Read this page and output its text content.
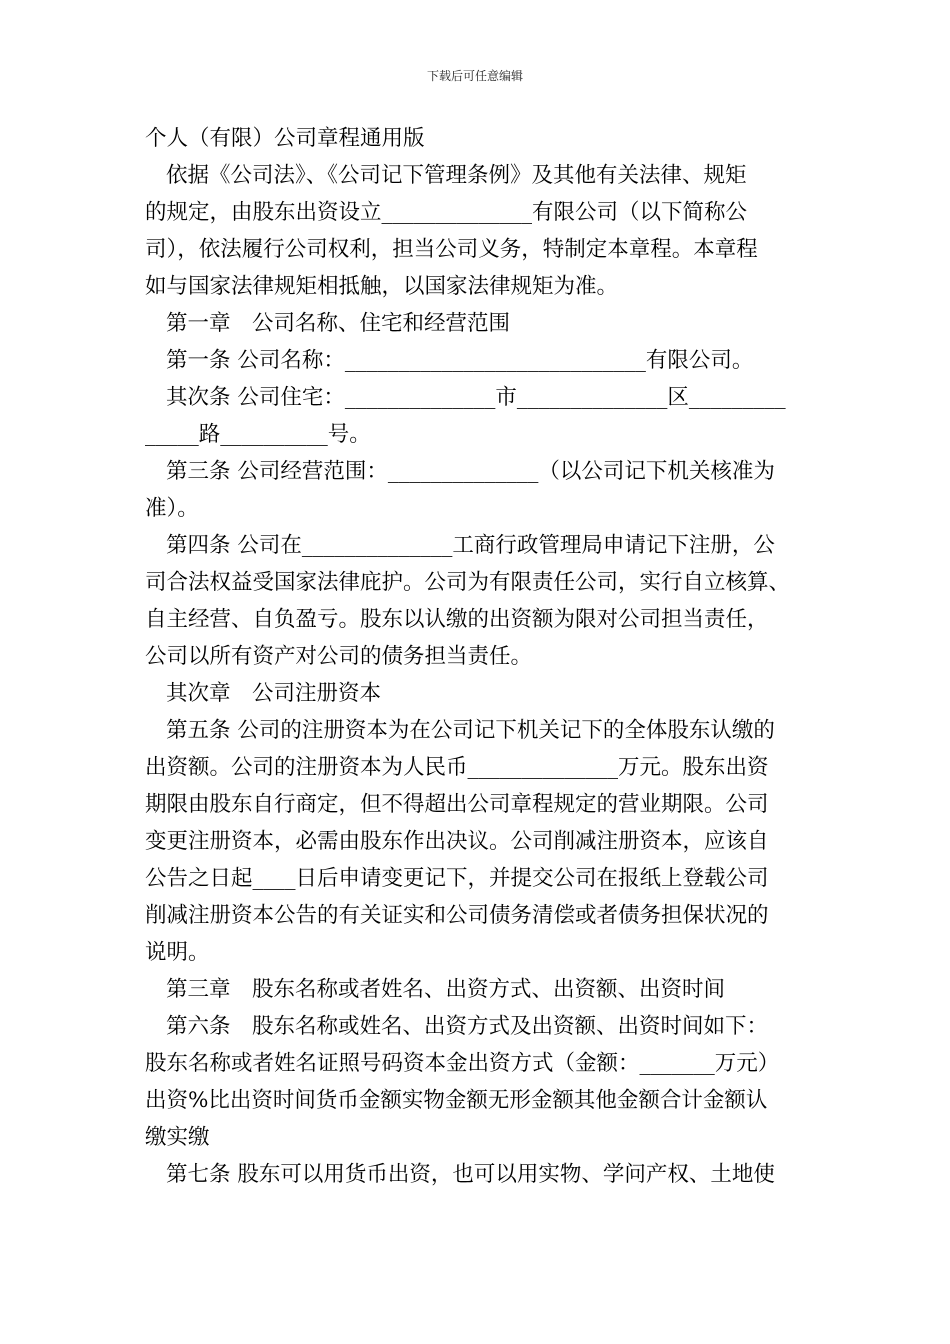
下载后可任意编辑
个人（有限）公司章程通用版
依据《公司法》、《公司记下管理条例》及其他有关法律、规矩
的规定，由股东出资设立______________有限公司（以下简称公
司），依法履行公司权利，担当公司义务，特制定本章程。本章程
如与国家法律规矩相抵触，以国家法律规矩为准。
第一章　公司名称、住宅和经营范围
第一条 公司名称：____________________________有限公司。
其次条 公司住宅：______________市______________区_________
_____路__________号。
第三条 公司经营范围：______________（以公司记下机关核准为
准）。
第四条 公司在______________工商行政管理局申请记下注册，公
司合法权益受国家法律庇护。公司为有限责任公司，实行自立核算、
自主经营、自负盈亏。股东以认缴的出资额为限对公司担当责任，
公司以所有资产对公司的债务担当责任。
其次章　公司注册资本
第五条 公司的注册资本为在公司记下机关记下的全体股东认缴的
出资额。公司的注册资本为人民币______________万元。股东出资
期限由股东自行商定，但不得超出公司章程规定的营业期限。公司
变更注册资本，必需由股东作出决议。公司削减注册资本，应该自
公告之日起____日后申请变更记下，并提交公司在报纸上登载公司
削减注册资本公告的有关证实和公司债务清偿或者债务担保状况的
说明。
第三章　股东名称或者姓名、出资方式、出资额、出资时间
第六条　股东名称或姓名、出资方式及出资额、出资时间如下：
股东名称或者姓名证照号码资本金出资方式（金额：_______万元）
出资%比出资时间货币金额实物金额无形金额其他金额合计金额认
缴实缴
第七条 股东可以用货币出资，也可以用实物、学问产权、土地使
